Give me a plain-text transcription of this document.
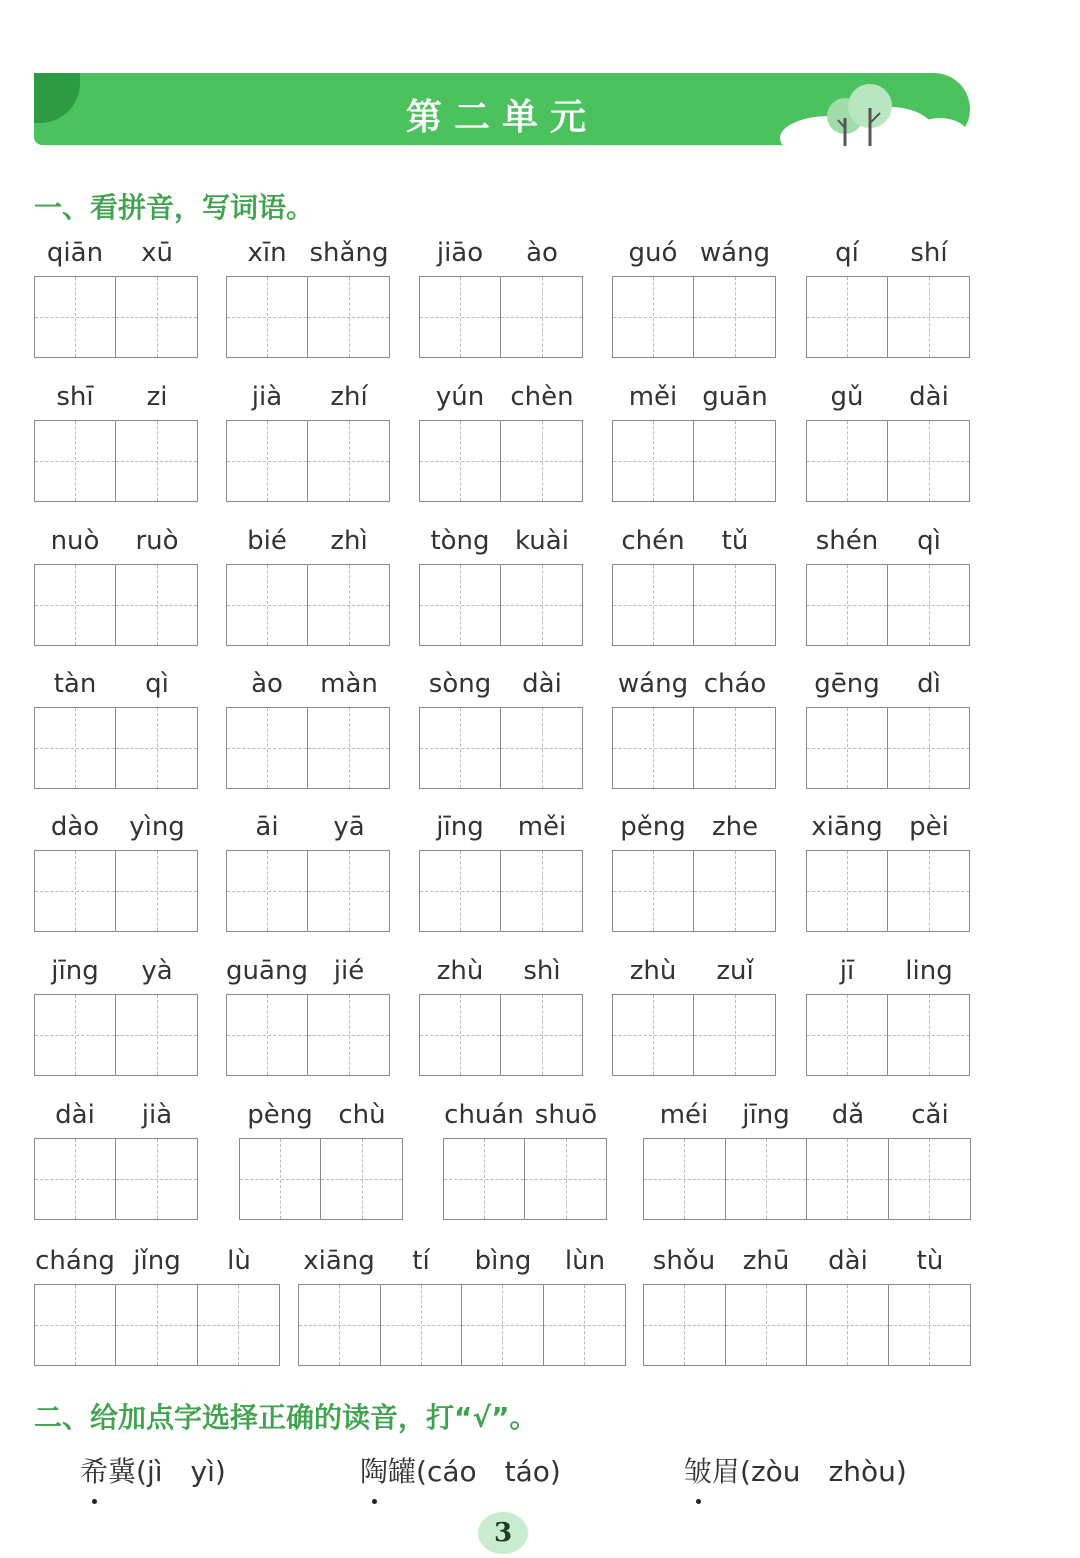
第二单元
一、看拼音，写词语。
qiān	xū	xīn shǎng	jiāo	ào	guó wáng	qí	shí
shī	zi	jià	zhí	yún	chèn	měi guān	gǔ	dài
nuò	ruò	bié	zhì	tòng kuài	chén	tǔ	shén	qì
tàn	qì	ào	màn	sòng	dài	wáng cháo	gēng	dì
dào	yìng	āi	yā	jīng	měi	pěng	zhe	xiāng	pèi
jīng	yà	guāng jié	zhù	shì	zhù	zuǐ	jī	ling
dài	jià	pèng chù	chuán shuō	méi	jīng	dǎ	cǎi
cháng jǐng	lù	xiāng	tí	bìng	lùn	shǒu	zhū	dài	tù
二、给加点字选择正确的读音，打“√”。
希
冀(jì　yì)	陶
罐(cáo　táo)	皱
眉(zòu　zhòu)
3
